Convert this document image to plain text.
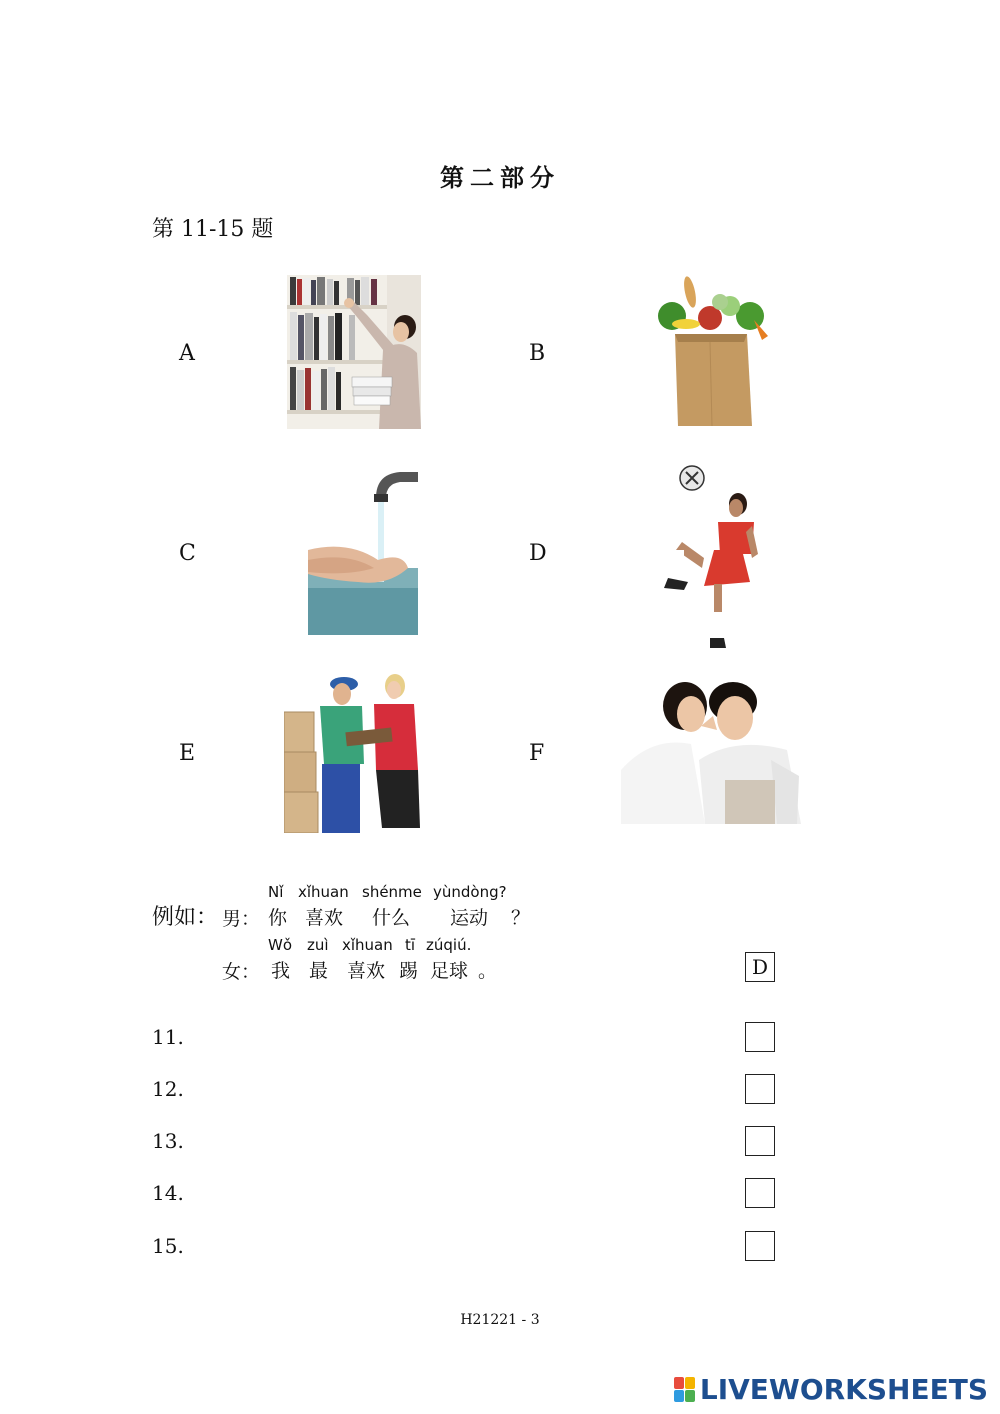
第二部分
第 11-15 题
A	B
C	D
E	F
例如： 男：
Nǐ xǐhuan shénme yùndòng?
你 喜欢 什么 运动 ？
女：
Wǒ zuì xǐhuan tī zúqiú.
我 最 喜欢 踢 足球 。	D
11.
12.
13.
14.
15.
H21221 - 3
LIVEWORKSHEETS
